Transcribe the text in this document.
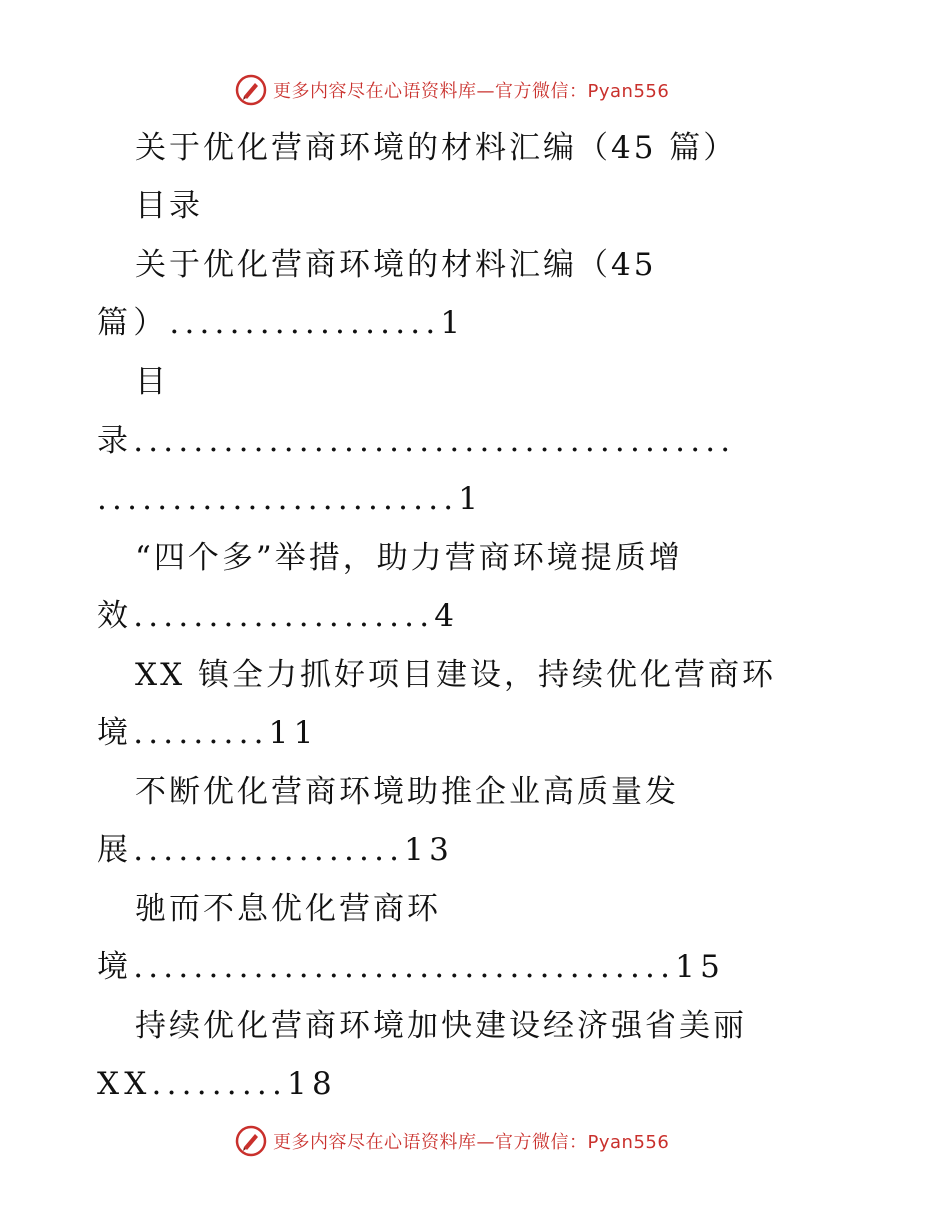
更多内容尽在心语资料库—官方微信：Pyan556
关于优化营商环境的材料汇编（45 篇）
目录
关于优化营商环境的材料汇编（45
篇）..................1
目
录........................................
........................1
“四个多”举措，助力营商环境提质增
效....................4
XX 镇全力抓好项目建设，持续优化营商环
境.........11
不断优化营商环境助推企业高质量发
展..................13
驰而不息优化营商环
境....................................15
持续优化营商环境加快建设经济强省美丽
XX.........18
更多内容尽在心语资料库—官方微信：Pyan556
